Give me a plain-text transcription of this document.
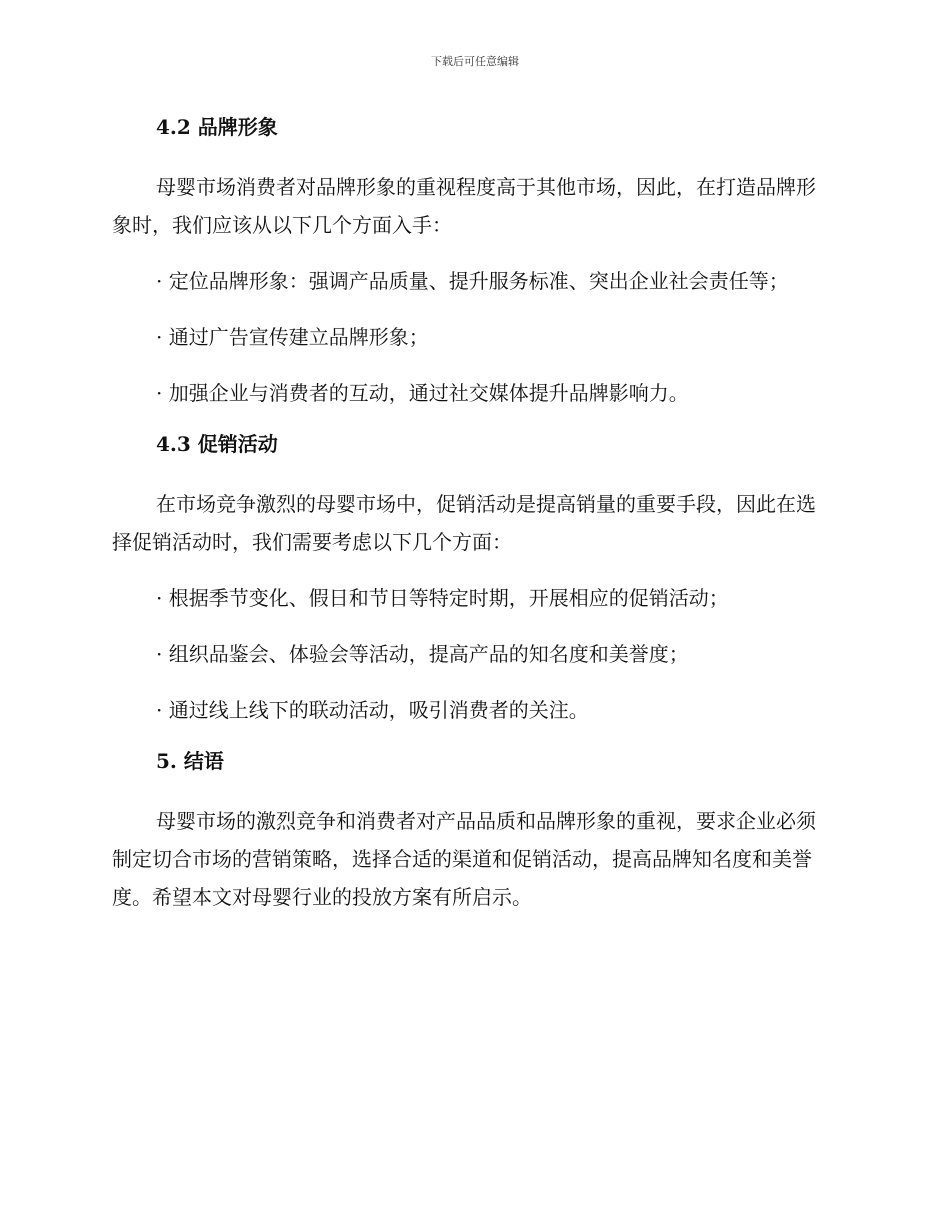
下载后可任意编辑
4.2 品牌形象

母婴市场消费者对品牌形象的重视程度高于其他市场，因此，在打造品牌形象时，我们应该从以下几个方面入手：

· 定位品牌形象：强调产品质量、提升服务标准、突出企业社会责任等；

· 通过广告宣传建立品牌形象；

· 加强企业与消费者的互动，通过社交媒体提升品牌影响力。

4.3 促销活动

在市场竞争激烈的母婴市场中，促销活动是提高销量的重要手段，因此在选择促销活动时，我们需要考虑以下几个方面：

· 根据季节变化、假日和节日等特定时期，开展相应的促销活动；

· 组织品鉴会、体验会等活动，提高产品的知名度和美誉度；

· 通过线上线下的联动活动，吸引消费者的关注。

5. 结语

母婴市场的激烈竞争和消费者对产品品质和品牌形象的重视，要求企业必须制定切合市场的营销策略，选择合适的渠道和促销活动，提高品牌知名度和美誉度。希望本文对母婴行业的投放方案有所启示。
